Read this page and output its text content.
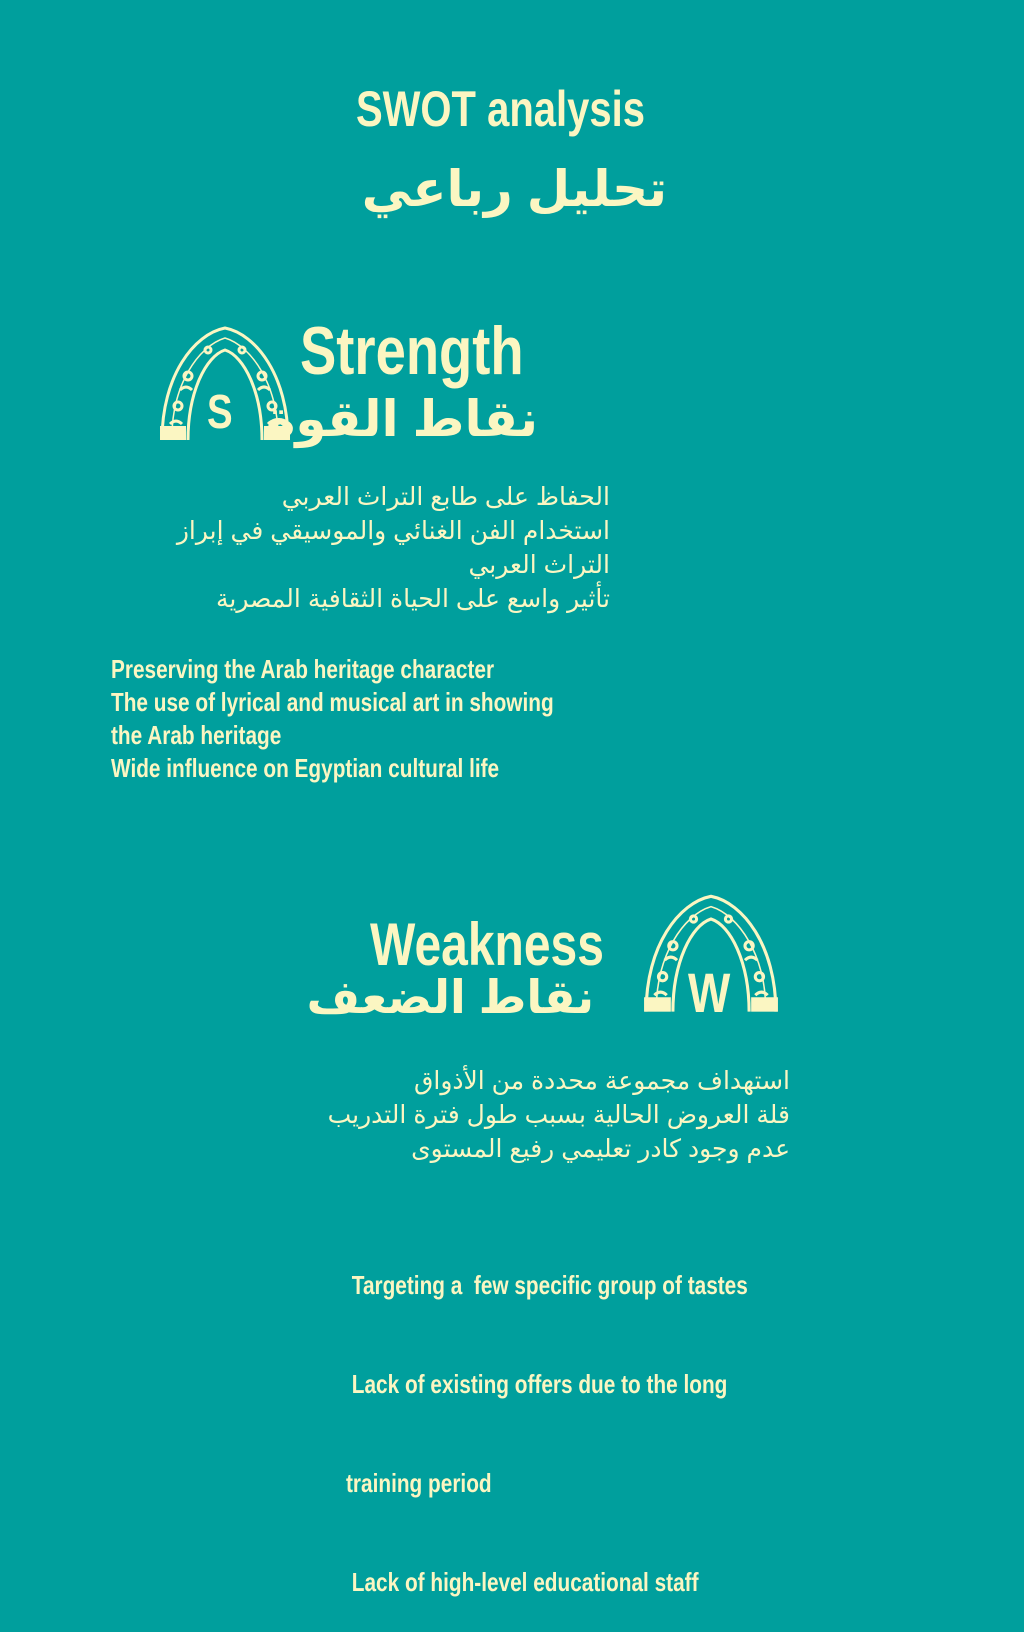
SWOT analysis
تحليل رباعي
S
Strength
نقاط القوة
الحفاظ على طابع التراث العربي
استخدام الفن الغنائي والموسيقي في إبراز
التراث العربي
تأثير واسع على الحياة الثقافية المصرية
Preserving the Arab heritage character
The use of lyrical and musical art in showing
the Arab heritage
Wide influence on Egyptian cultural life
Weakness
نقاط الضعف W
استهداف مجموعة محددة من الأذواق
قلة العروض الحالية بسبب طول فترة التدريب
عدم وجود كادر تعليمي رفيع المستوى

Targeting a  few specific group of tastes

Lack of existing offers due to the long

training period

Lack of high-level educational staff
